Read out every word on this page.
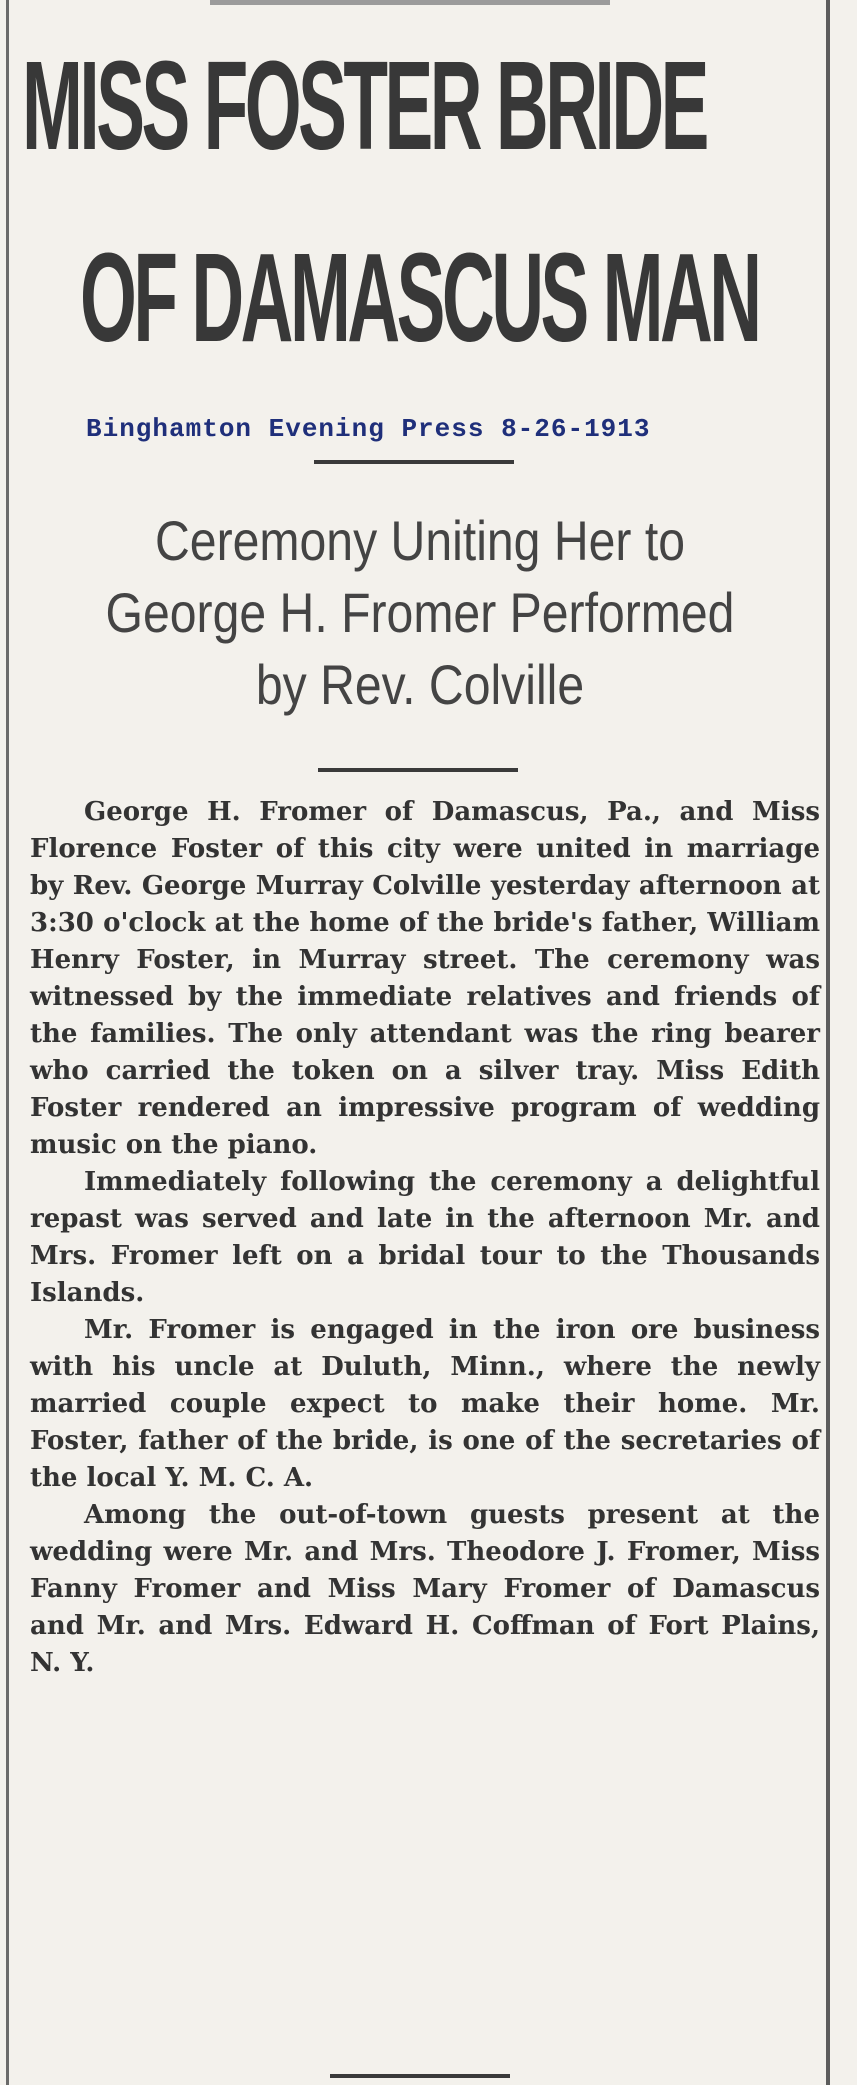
MISS FOSTER BRIDE
OF DAMASCUS MAN
Binghamton Evening Press 8-26-1913
Ceremony Uniting Her to
George H. Fromer Performed
by Rev. Colville

George H. Fromer of Damascus, Pa., and Miss Florence Foster of this city were united in marriage by Rev. George Murray Colville yesterday afternoon at 3:30 o'clock at the home of the bride's father, William Henry Foster, in Murray street. The ceremony was witnessed by the immediate relatives and friends of the families. The only attendant was the ring bearer who carried the token on a silver tray. Miss Edith Foster rendered an impressive program of wedding music on the piano.

Immediately following the ceremony a delightful repast was served and late in the afternoon Mr. and Mrs. Fromer left on a bridal tour to the Thousands Islands.

Mr. Fromer is engaged in the iron ore business with his uncle at Duluth, Minn., where the newly married couple expect to make their home. Mr. Foster, father of the bride, is one of the secretaries of the local Y. M. C. A.

Among the out-of-town guests present at the wedding were Mr. and Mrs. Theodore J. Fromer, Miss Fanny Fromer and Miss Mary Fromer of Damascus and Mr. and Mrs. Edward H. Coffman of Fort Plains, N. Y.
